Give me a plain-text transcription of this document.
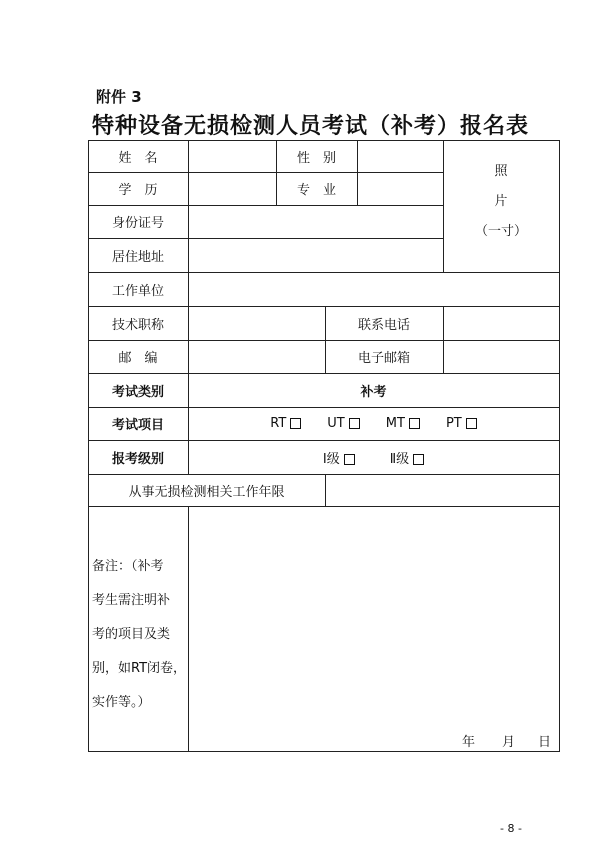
附件 3
特种设备无损检测人员考试（补考）报名表
姓　名	性　别
学　历	专　业
身份证号
居住地址
照
片
（一寸）
工作单位
技术职称	联系电话
邮　编	电子邮箱
考试类别	补考
考试项目	RT	UT	MT	PT
报考级别	Ⅰ级	Ⅱ级
从事无损检测相关工作年限
备注：（补考
考生需注明补
考的项目及类
别，如RT闭卷，
实作等。）
年 月 日
- 8 -
